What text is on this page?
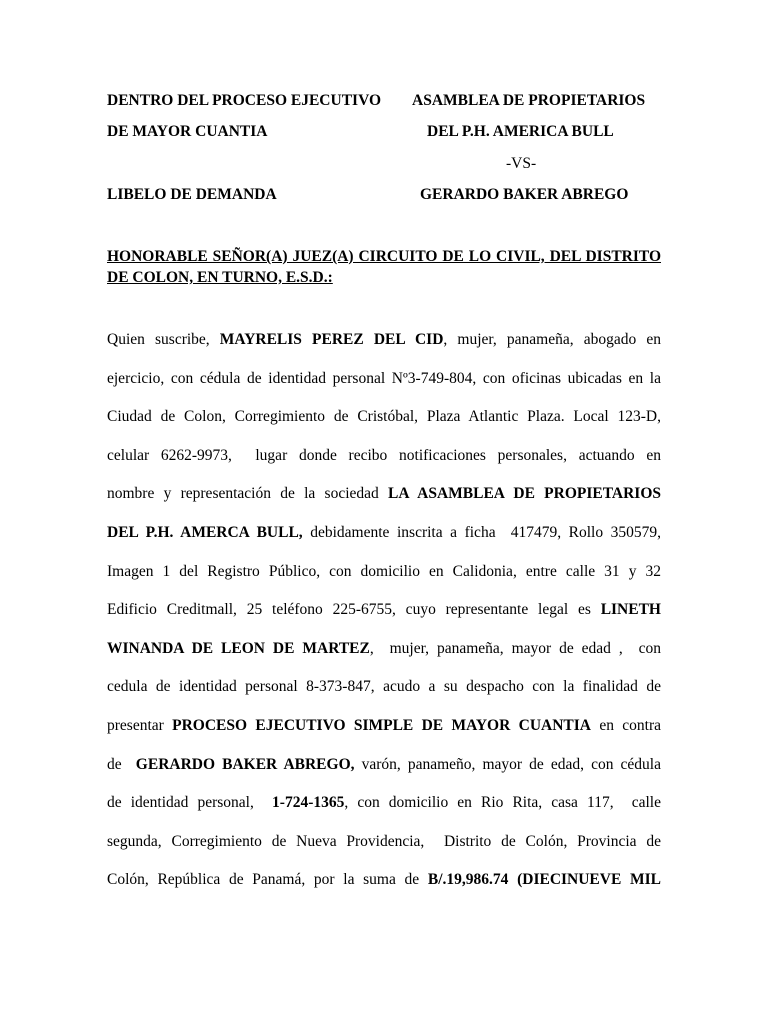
DENTRO DEL PROCESO EJECUTIVO ASAMBLEA DE PROPIETARIOS
DE MAYOR CUANTIA	DEL P.H. AMERICA BULL
-VS-
LIBELO DE DEMANDA	GERARDO BAKER ABREGO
HONORABLE SEÑOR(A) JUEZ(A) CIRCUITO DE LO CIVIL, DEL DISTRITO DE COLON, EN TURNO, E.S.D.:
Quien suscribe, MAYRELIS PEREZ DEL CID, mujer, panameña, abogado en
ejercicio, con cédula de identidad personal Nº3-749-804, con oficinas ubicadas en la
Ciudad de Colon, Corregimiento de Cristóbal, Plaza Atlantic Plaza. Local 123-D,
celular 6262-9973,  lugar donde recibo notificaciones personales, actuando en
nombre y representación de la sociedad LA ASAMBLEA DE PROPIETARIOS
DEL P.H. AMERCA BULL, debidamente inscrita a ficha  417479, Rollo 350579,
Imagen 1 del Registro Público, con domicilio en Calidonia, entre calle 31 y 32
Edificio Creditmall, 25 teléfono 225-6755, cuyo representante legal es LINETH
WINANDA DE LEON DE MARTEZ,  mujer, panameña, mayor de edad ,  con
cedula de identidad personal 8-373-847, acudo a su despacho con la finalidad de
presentar PROCESO EJECUTIVO SIMPLE DE MAYOR CUANTIA en contra
de  GERARDO BAKER ABREGO, varón, panameño, mayor de edad, con cédula
de identidad personal,  1-724-1365, con domicilio en Rio Rita, casa 117,  calle
segunda, Corregimiento de Nueva Providencia,  Distrito de Colón, Provincia de
Colón, República de Panamá, por la suma de B/.19,986.74 (DIECINUEVE MIL
